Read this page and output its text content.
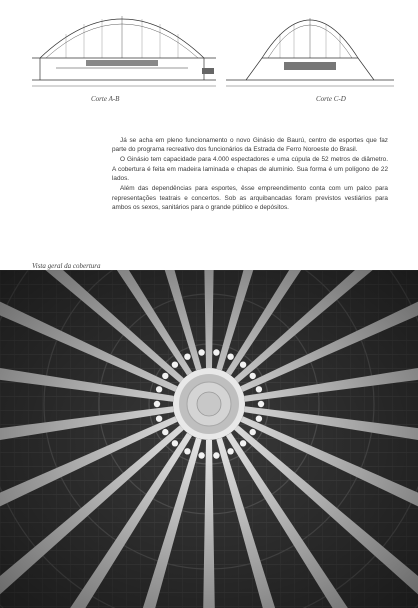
Corte A-B	Corte C-D

Já se acha em pleno funcionamento o novo Ginásio de Baurú, centro de esportes que faz parte do programa recreativo dos funcionários da Estrada de Ferro Noroeste do Brasil.

O Ginásio tem capacidade para 4.000 espectadores e uma cúpula de 52 metros de diâmetro. A cobertura é feita em madeira laminada e chapas de alumínio. Sua forma é um polígono de 22 lados.

Além das dependências para esportes, êsse empreendimento conta com um palco para representações teatrais e concertos. Sob as arquibancadas foram previstos vestiários para ambos os sexos, sanitários para o grande público e depósitos.

Vista geral da cobertura
